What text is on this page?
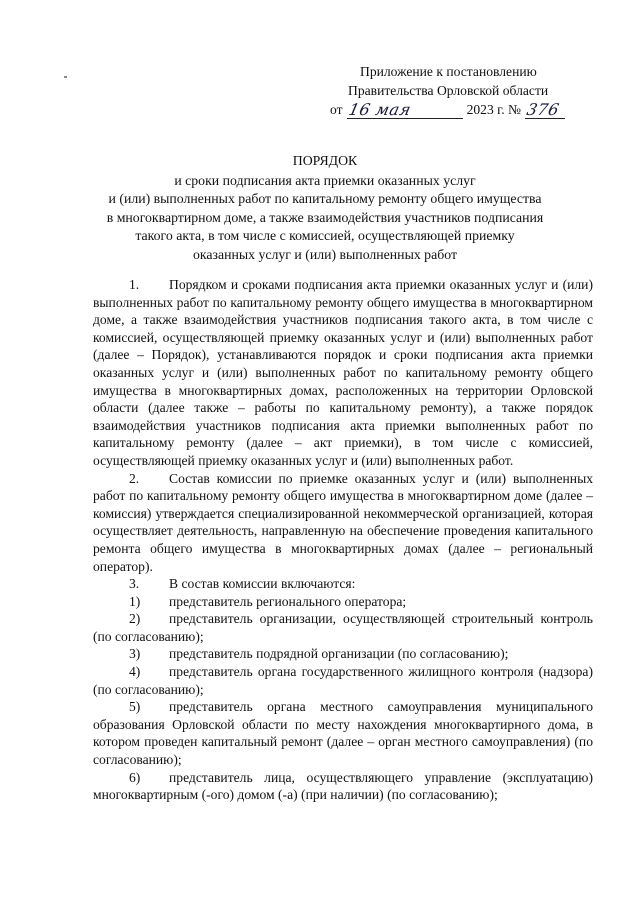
Приложение к постановлению
Правительства Орловской области
от 16 мая	2023 г. № 376
ПОРЯДОК
и сроки подписания акта приемки оказанных услуг
и (или) выполненных работ по капитальному ремонту общего имущества
в многоквартирном доме, а также взаимодействия участников подписания
такого акта, в том числе с комиссией, осуществляющей приемку
оказанных услуг и (или) выполненных работ

1. Порядком и сроками подписания акта приемки оказанных услуг и (или) выполненных работ по капитальному ремонту общего имущества в многоквартирном доме, а также взаимодействия участников подписания такого акта, в том числе с комиссией, осуществляющей приемку оказанных услуг и (или) выполненных работ (далее – Порядок), устанавливаются порядок и сроки подписания акта приемки оказанных услуг и (или) выполненных работ по капитальному ремонту общего имущества в многоквартирных домах, расположенных на территории Орловской области (далее также – работы по капитальному ремонту), а также порядок взаимодействия участников подписания акта приемки выполненных работ по капитальному ремонту (далее – акт приемки), в том числе с комиссией, осуществляющей приемку оказанных услуг и (или) выполненных работ.

2. Состав комиссии по приемке оказанных услуг и (или) выполненных работ по капитальному ремонту общего имущества в многоквартирном доме (далее – комиссия) утверждается специализированной некоммерческой организацией, которая осуществляет деятельность, направленную на обеспечение проведения капитального ремонта общего имущества в многоквартирных домах (далее – региональный оператор).

3. В состав комиссии включаются:

1) представитель регионального оператора;

2) представитель организации, осуществляющей строительный контроль (по согласованию);

3) представитель подрядной организации (по согласованию);

4) представитель органа государственного жилищного контроля (надзора) (по согласованию);

5) представитель органа местного самоуправления муниципального образования Орловской области по месту нахождения многоквартирного дома, в котором проведен капитальный ремонт (далее – орган местного самоуправления) (по согласованию);

6) представитель лица, осуществляющего управление (эксплуатацию) многоквартирным (-ого) домом (-а) (при наличии) (по согласованию);
